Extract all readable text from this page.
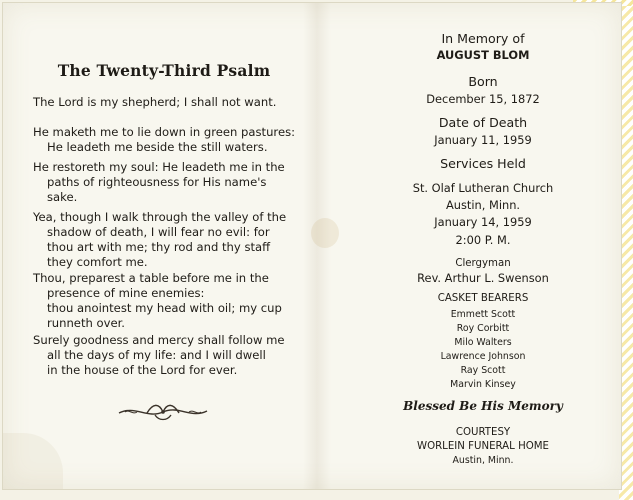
The Twenty-Third Psalm
The Lord is my shepherd; I shall not want.
He maketh me to lie down in green pastures:
He leadeth me beside the still waters.
He restoreth my soul: He leadeth me in the
paths of righteousness for His name's
sake.
Yea, though I walk through the valley of the
shadow of death, I will fear no evil: for
thou art with me; thy rod and thy staff
they comfort me.
Thou, preparest a table before me in the
presence of mine enemies:
thou anointest my head with oil; my cup
runneth over.
Surely goodness and mercy shall follow me
all the days of my life: and I will dwell
in the house of the Lord for ever.
In Memory of
AUGUST BLOM
Born
December 15, 1872
Date of Death
January 11, 1959
Services Held
St. Olaf Lutheran Church
Austin, Minn.
January 14, 1959
2:00 P. M.
Clergyman
Rev. Arthur L. Swenson
CASKET BEARERS
Emmett Scott
Roy Corbitt
Milo Walters
Lawrence Johnson
Ray Scott
Marvin Kinsey
Blessed Be His Memory
COURTESY
WORLEIN FUNERAL HOME
Austin, Minn.
